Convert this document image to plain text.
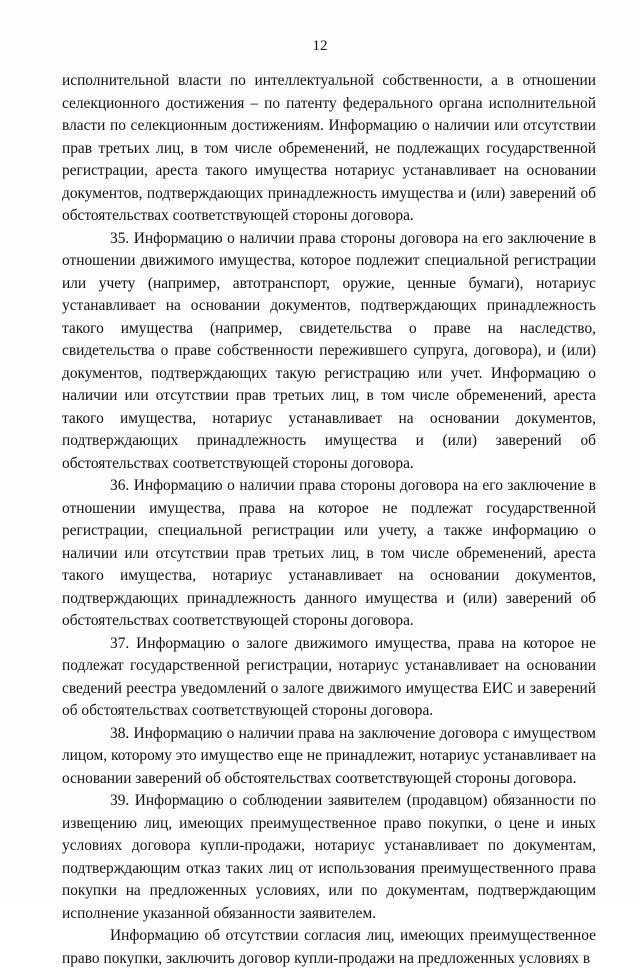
12

исполнительной власти по интеллектуальной собственности, а в отношении селекционного достижения – по патенту федерального органа исполнительной власти по селекционным достижениям. Информацию о наличии или отсутствии прав третьих лиц, в том числе обременений, не подлежащих государственной регистрации, ареста такого имущества нотариус устанавливает на основании документов, подтверждающих принадлежность имущества и (или) заверений об обстоятельствах соответствующей стороны договора.

35. Информацию о наличии права стороны договора на его заключение в отношении движимого имущества, которое подлежит специальной регистрации или учету (например, автотранспорт, оружие, ценные бумаги), нотариус устанавливает на основании документов, подтверждающих принадлежность такого имущества (например, свидетельства о праве на наследство, свидетельства о праве собственности пережившего супруга, договора), и (или) документов, подтверждающих такую регистрацию или учет. Информацию о наличии или отсутствии прав третьих лиц, в том числе обременений, ареста такого имущества, нотариус устанавливает на основании документов, подтверждающих принадлежность имущества и (или) заверений об обстоятельствах соответствующей стороны договора.

36. Информацию о наличии права стороны договора на его заключение в отношении имущества, права на которое не подлежат государственной регистрации, специальной регистрации или учету, а также информацию о наличии или отсутствии прав третьих лиц, в том числе обременений, ареста такого имущества, нотариус устанавливает на основании документов, подтверждающих принадлежность данного имущества и (или) заверений об обстоятельствах соответствующей стороны договора.

37. Информацию о залоге движимого имущества, права на которое не подлежат государственной регистрации, нотариус устанавливает на основании сведений реестра уведомлений о залоге движимого имущества ЕИС и заверений об обстоятельствах соответствующей стороны договора.

38. Информацию о наличии права на заключение договора с имуществом лицом, которому это имущество еще не принадлежит, нотариус устанавливает на основании заверений об обстоятельствах соответствующей стороны договора.

39. Информацию о соблюдении заявителем (продавцом) обязанности по извещению лиц, имеющих преимущественное право покупки, о цене и иных условиях договора купли-продажи, нотариус устанавливает по документам, подтверждающим отказ таких лиц от использования преимущественного права покупки на предложенных условиях, или по документам, подтверждающим исполнение указанной обязанности заявителем.

Информацию об отсутствии согласия лиц, имеющих преимущественное право покупки, заключить договор купли-продажи на предложенных условиях в
